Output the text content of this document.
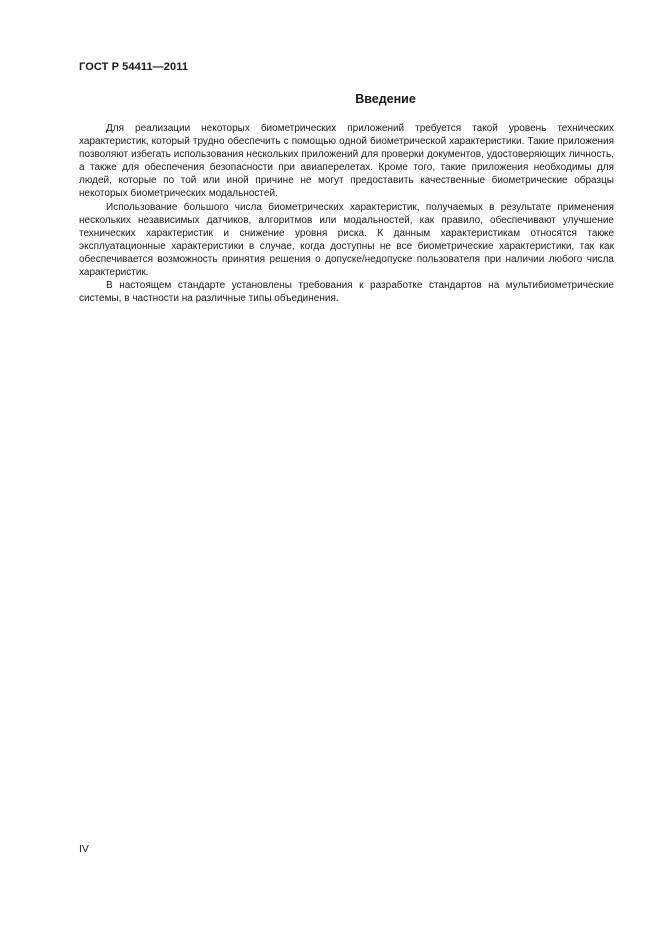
ГОСТ Р 54411—2011
Введение

Для реализации некоторых биометрических приложений требуется такой уровень технических характеристик, который трудно обеспечить с помощью одной биометрической характеристики. Такие приложения позволяют избегать использования нескольких приложений для проверки документов, удостоверяющих личность, а также для обеспечения безопасности при авиаперелетах. Кроме того, такие приложения необходимы для людей, которые по той или иной причине не могут предоставить качественные биометрические образцы некоторых биометрических модальностей.

Использование большого числа биометрических характеристик, получаемых в результате применения нескольких независимых датчиков, алгоритмов или модальностей, как правило, обеспечивают улучшение технических характеристик и снижение уровня риска. К данным характеристикам относятся также эксплуатационные характеристики в случае, когда доступны не все биометрические характеристики, так как обеспечивается возможность принятия решения о допуске/недопуске пользователя при наличии любого числа характеристик.

В настоящем стандарте установлены требования к разработке стандартов на мультибиометрические системы, в частности на различные типы объединения.

IV
